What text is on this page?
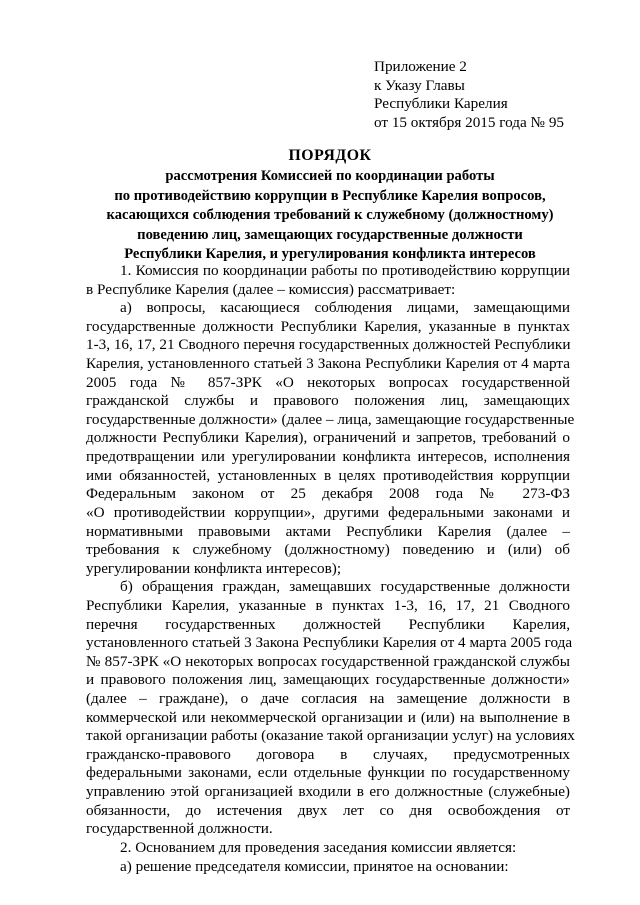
Приложение 2
к Указу Главы
Республики Карелия
от 15 октября 2015 года № 95
ПОРЯДОК
рассмотрения Комиссией по координации работы
по противодействию коррупции в Республике Карелия вопросов,
касающихся соблюдения требований к служебному (должностному)
поведению лиц, замещающих государственные должности
Республики Карелия, и урегулирования конфликта интересов
1. Комиссия по координации работы по противодействию коррупции
в Республике Карелия (далее – комиссия) рассматривает:
а) вопросы, касающиеся соблюдения лицами, замещающими
государственные должности Республики Карелия, указанные в пунктах
1-3, 16, 17, 21 Сводного перечня государственных должностей Республики
Карелия, установленного статьей 3 Закона Республики Карелия от 4 марта
2005 года № 857-ЗРК «О некоторых вопросах государственной
гражданской службы и правового положения лиц, замещающих
государственные должности» (далее – лица, замещающие государственные
должности Республики Карелия), ограничений и запретов, требований о
предотвращении или урегулировании конфликта интересов, исполнения
ими обязанностей, установленных в целях противодействия коррупции
Федеральным законом от 25 декабря 2008 года № 273-ФЗ
«О противодействии коррупции», другими федеральными законами и
нормативными правовыми актами Республики Карелия (далее –
требования к служебному (должностному) поведению и (или) об
урегулировании конфликта интересов);
б) обращения граждан, замещавших государственные должности
Республики Карелия, указанные в пунктах 1-3, 16, 17, 21 Сводного
перечня государственных должностей Республики Карелия,
установленного статьей 3 Закона Республики Карелия от 4 марта 2005 года
№ 857-ЗРК «О некоторых вопросах государственной гражданской службы
и правового положения лиц, замещающих государственные должности»
(далее – граждане), о даче согласия на замещение должности в
коммерческой или некоммерческой организации и (или) на выполнение в
такой организации работы (оказание такой организации услуг) на условиях
гражданско-правового договора в случаях, предусмотренных
федеральными законами, если отдельные функции по государственному
управлению этой организацией входили в его должностные (служебные)
обязанности, до истечения двух лет со дня освобождения от
государственной должности.
2. Основанием для проведения заседания комиссии является:
а) решение председателя комиссии, принятое на основании:
